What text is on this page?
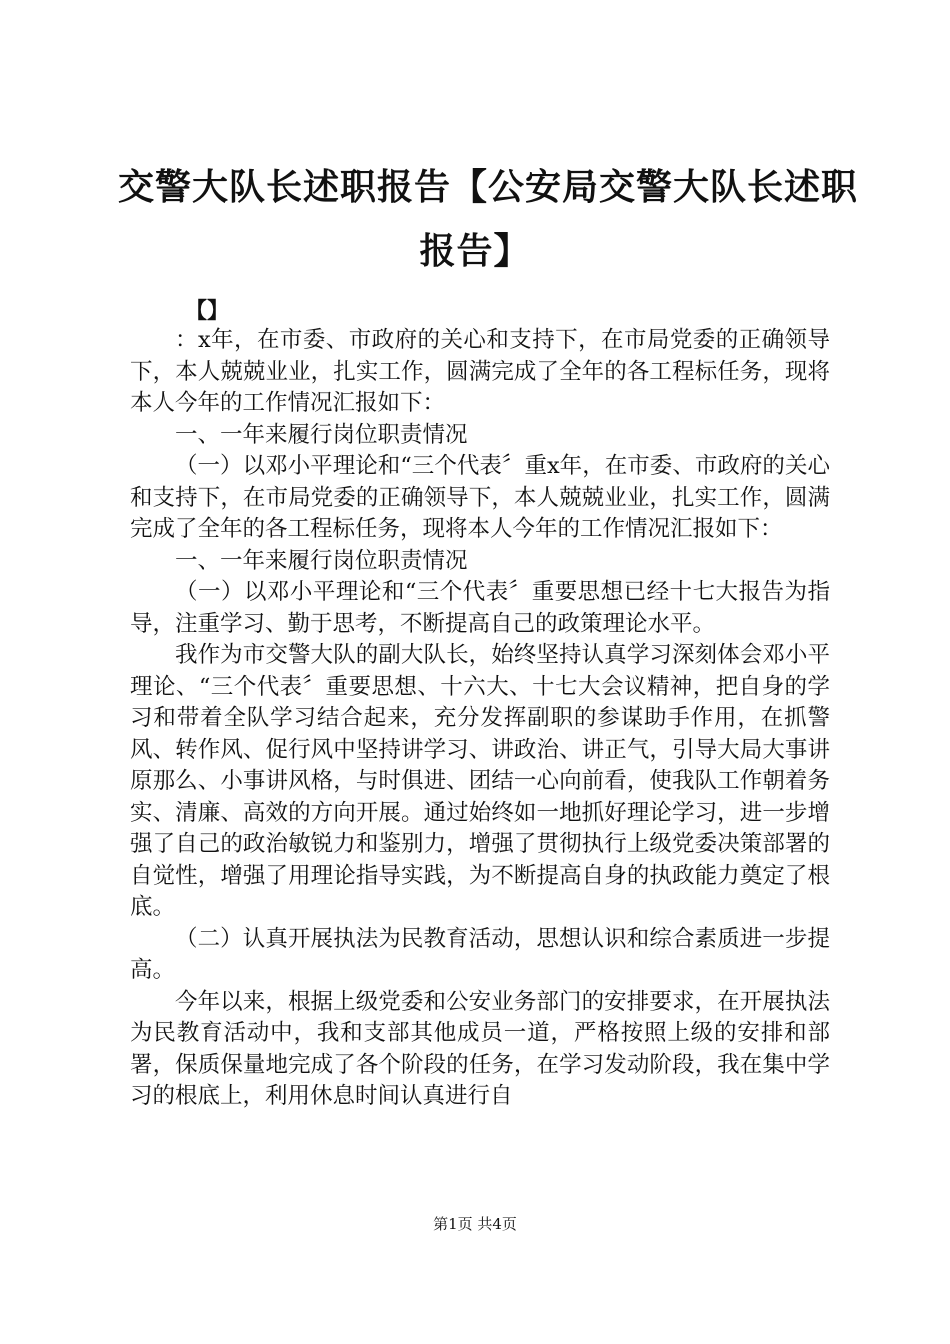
交警大队长述职报告【公安局交警大队长述职
报告】
【】

：x年，在市委、市政府的关心和支持下，在市局党委的正确领导下，本人兢兢业业，扎实工作，圆满完成了全年的各工程标任务，现将本人今年的工作情况汇报如下：

一、一年来履行岗位职责情况

（一）以邓小平理论和“三个代表〞重x年，在市委、市政府的关心和支持下，在市局党委的正确领导下，本人兢兢业业，扎实工作，圆满完成了全年的各工程标任务，现将本人今年的工作情况汇报如下：

一、一年来履行岗位职责情况

（一）以邓小平理论和“三个代表〞重要思想已经十七大报告为指导，注重学习、勤于思考，不断提高自己的政策理论水平。

我作为市交警大队的副大队长，始终坚持认真学习深刻体会邓小平理论、“三个代表〞重要思想、十六大、十七大会议精神，把自身的学习和带着全队学习结合起来，充分发挥副职的参谋助手作用，在抓警风、转作风、促行风中坚持讲学习、讲政治、讲正气，引导大局大事讲原那么、小事讲风格，与时俱进、团结一心向前看，使我队工作朝着务实、清廉、高效的方向开展。通过始终如一地抓好理论学习，进一步增强了自己的政治敏锐力和鉴别力，增强了贯彻执行上级党委决策部署的自觉性，增强了用理论指导实践，为不断提高自身的执政能力奠定了根底。

（二）认真开展执法为民教育活动，思想认识和综合素质进一步提高。

今年以来，根据上级党委和公安业务部门的安排要求，在开展执法为民教育活动中，我和支部其他成员一道，严格按照上级的安排和部署，保质保量地完成了各个阶段的任务，在学习发动阶段，我在集中学习的根底上，利用休息时间认真进行自

第1页 共4页
